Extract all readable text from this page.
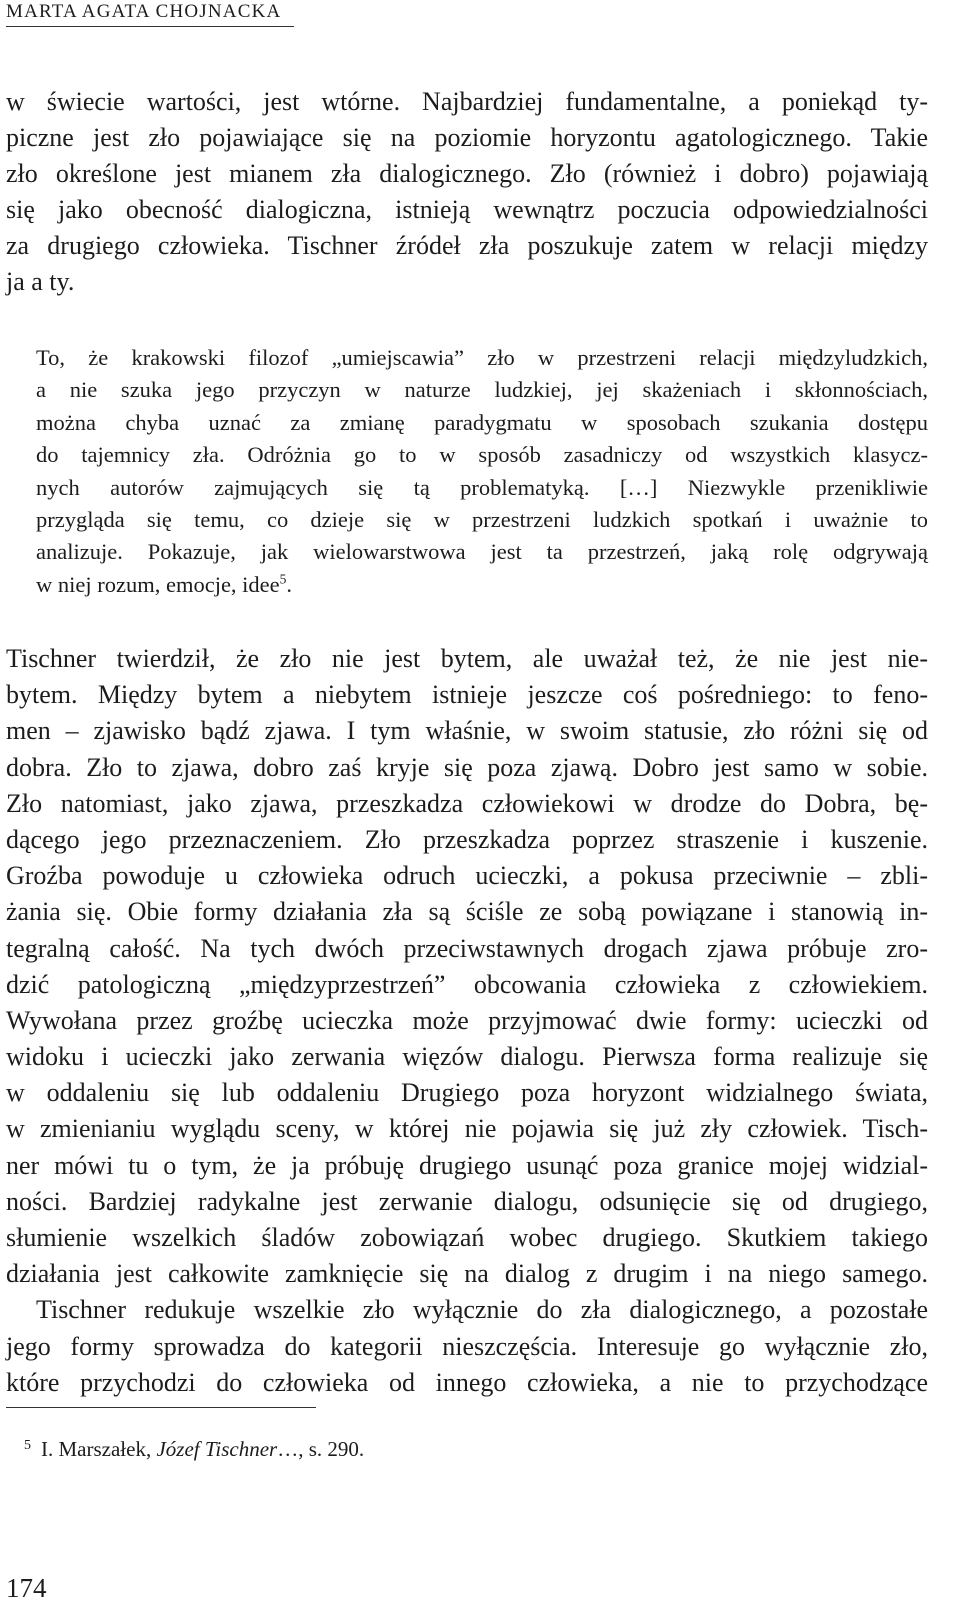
MARTA AGATA CHOJNACKA
w świecie wartości, jest wtórne. Najbardziej fundamentalne, a poniekąd ty-
piczne jest zło pojawiające się na poziomie horyzontu agatologicznego. Takie
zło określone jest mianem zła dialogicznego. Zło (również i dobro) pojawiają
się jako obecność dialogiczna, istnieją wewnątrz poczucia odpowiedzialności
za drugiego człowieka. Tischner źródeł zła poszukuje zatem w relacji między
ja a ty.
To, że krakowski filozof „umiejscawia” zło w przestrzeni relacji międzyludzkich,
a nie szuka jego przyczyn w naturze ludzkiej, jej skażeniach i skłonnościach,
można chyba uznać za zmianę paradygmatu w sposobach szukania dostępu
do tajemnicy zła. Odróżnia go to w sposób zasadniczy od wszystkich klasycz-
nych autorów zajmujących się tą problematyką. […] Niezwykle przenikliwie
przygląda się temu, co dzieje się w przestrzeni ludzkich spotkań i uważnie to
analizuje. Pokazuje, jak wielowarstwowa jest ta przestrzeń, jaką rolę odgrywają
w niej rozum, emocje, idee$^5$.
Tischner twierdził, że zło nie jest bytem, ale uważał też, że nie jest nie-
bytem. Między bytem a niebytem istnieje jeszcze coś pośredniego: to feno-
men – zjawisko bądź zjawa. I tym właśnie, w swoim statusie, zło różni się od
dobra. Zło to zjawa, dobro zaś kryje się poza zjawą. Dobro jest samo w sobie.
Zło natomiast, jako zjawa, przeszkadza człowiekowi w drodze do Dobra, bę-
dącego jego przeznaczeniem. Zło przeszkadza poprzez straszenie i kuszenie.
Groźba powoduje u człowieka odruch ucieczki, a pokusa przeciwnie – zbli-
żania się. Obie formy działania zła są ściśle ze sobą powiązane i stanowią in-
tegralną całość. Na tych dwóch przeciwstawnych drogach zjawa próbuje zro-
dzić patologiczną „międzyprzestrzeń” obcowania człowieka z człowiekiem.
Wywołana przez groźbę ucieczka może przyjmować dwie formy: ucieczki od
widoku i ucieczki jako zerwania więzów dialogu. Pierwsza forma realizuje się
w oddaleniu się lub oddaleniu Drugiego poza horyzont widzialnego świata,
w zmienianiu wyglądu sceny, w której nie pojawia się już zły człowiek. Tisch-
ner mówi tu o tym, że ja próbuję drugiego usunąć poza granice mojej widzial-
ności. Bardziej radykalne jest zerwanie dialogu, odsunięcie się od drugiego,
słumienie wszelkich śladów zobowiązań wobec drugiego. Skutkiem takiego
działania jest całkowite zamknięcie się na dialog z drugim i na niego samego.
Tischner redukuje wszelkie zło wyłącznie do zła dialogicznego, a pozostałe
jego formy sprowadza do kategorii nieszczęścia. Interesuje go wyłącznie zło,
które przychodzi do człowieka od innego człowieka, a nie to przychodzące
$^5$ I. Marszałek, Józef Tischner…, s. 290.
174
